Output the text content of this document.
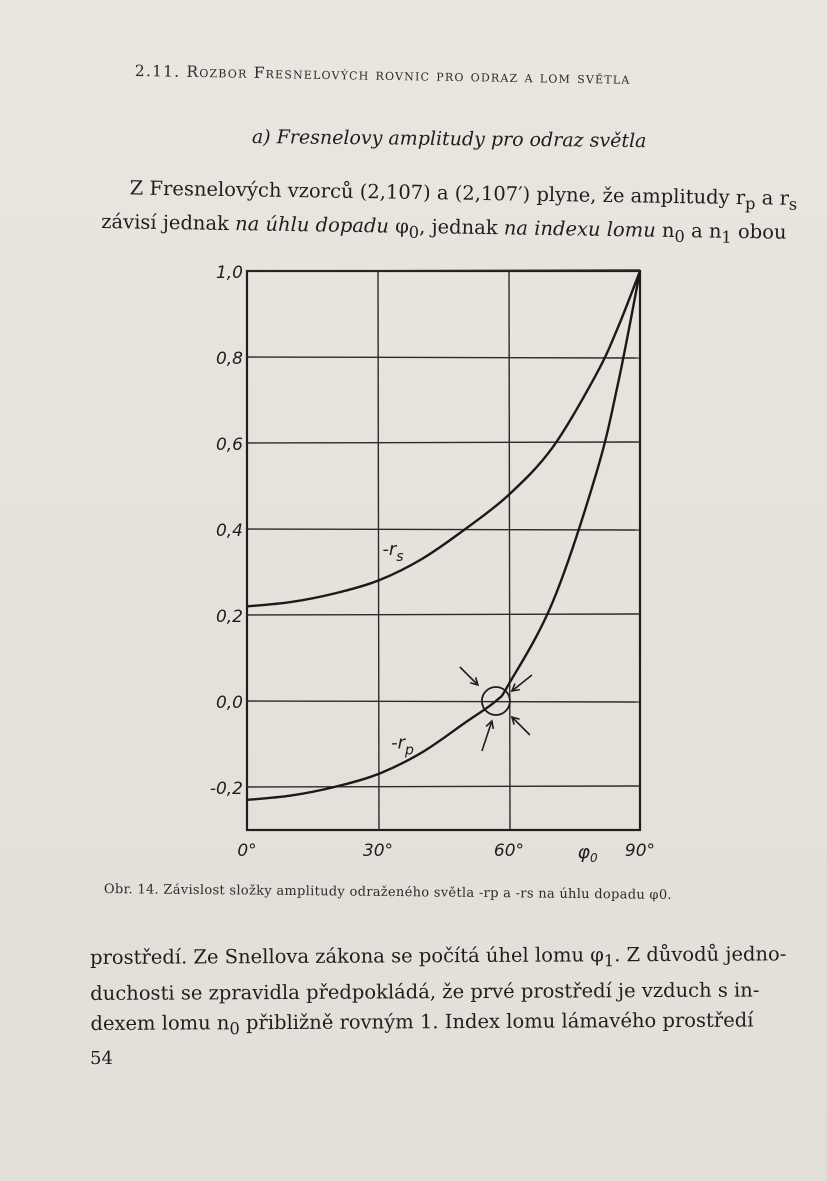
2.11. Rozbor Fresnelových rovnic pro odraz a lom světla
a) Fresnelovy amplitudy pro odraz světla
Z Fresnelových vzorců (2,107) a (2,107′) plyne, že amplitudy $r_p$ a $r_s$
závisí jednak na úhlu dopadu $\varphi_0$, jednak na indexu lomu $n_0$ a $n_1$ obou
-0,2
0,0
0,2
0,4
0,6
0,8
1,0
0°	30°	60°	90°
$\varphi_0$
$-r_s$
$-r_p$
Obr. 14. Závislost složky amplitudy odraženého světla -rp a -rs na úhlu dopadu φ0.
prostředí. Ze Snellova zákona se počítá úhel lomu $\varphi_1$. Z důvodů jedno-
duchosti se zpravidla předpokládá, že prvé prostředí je vzduch s in-
dexem lomu $n_0$ přibližně rovným 1. Index lomu lámavého prostředí
54
